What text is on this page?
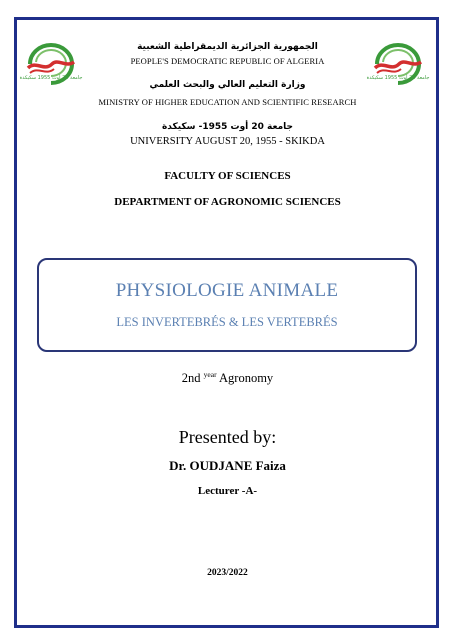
جامعة 20 أوت 1955 سكيكدة	جامعة 20 أوت 1955 سكيكدة
الجمهورية الجزائرية الديمقراطية الشعبية
PEOPLE'S DEMOCRATIC REPUBLIC OF ALGERIA
وزارة التعليم العالي والبحث العلمي
MINISTRY OF HIGHER EDUCATION AND SCIENTIFIC RESEARCH
جامعة 20 أوت 1955- سكيكدة
UNIVERSITY AUGUST 20, 1955 - SKIKDA
FACULTY OF SCIENCES
DEPARTMENT OF AGRONOMIC SCIENCES
PHYSIOLOGIE ANIMALE
LES INVERTEBRÉS & LES VERTEBRÉS
2nd $^{year}$ Agronomy
Presented by:
Dr. OUDJANE Faiza
Lecturer -A-
2023/2022
